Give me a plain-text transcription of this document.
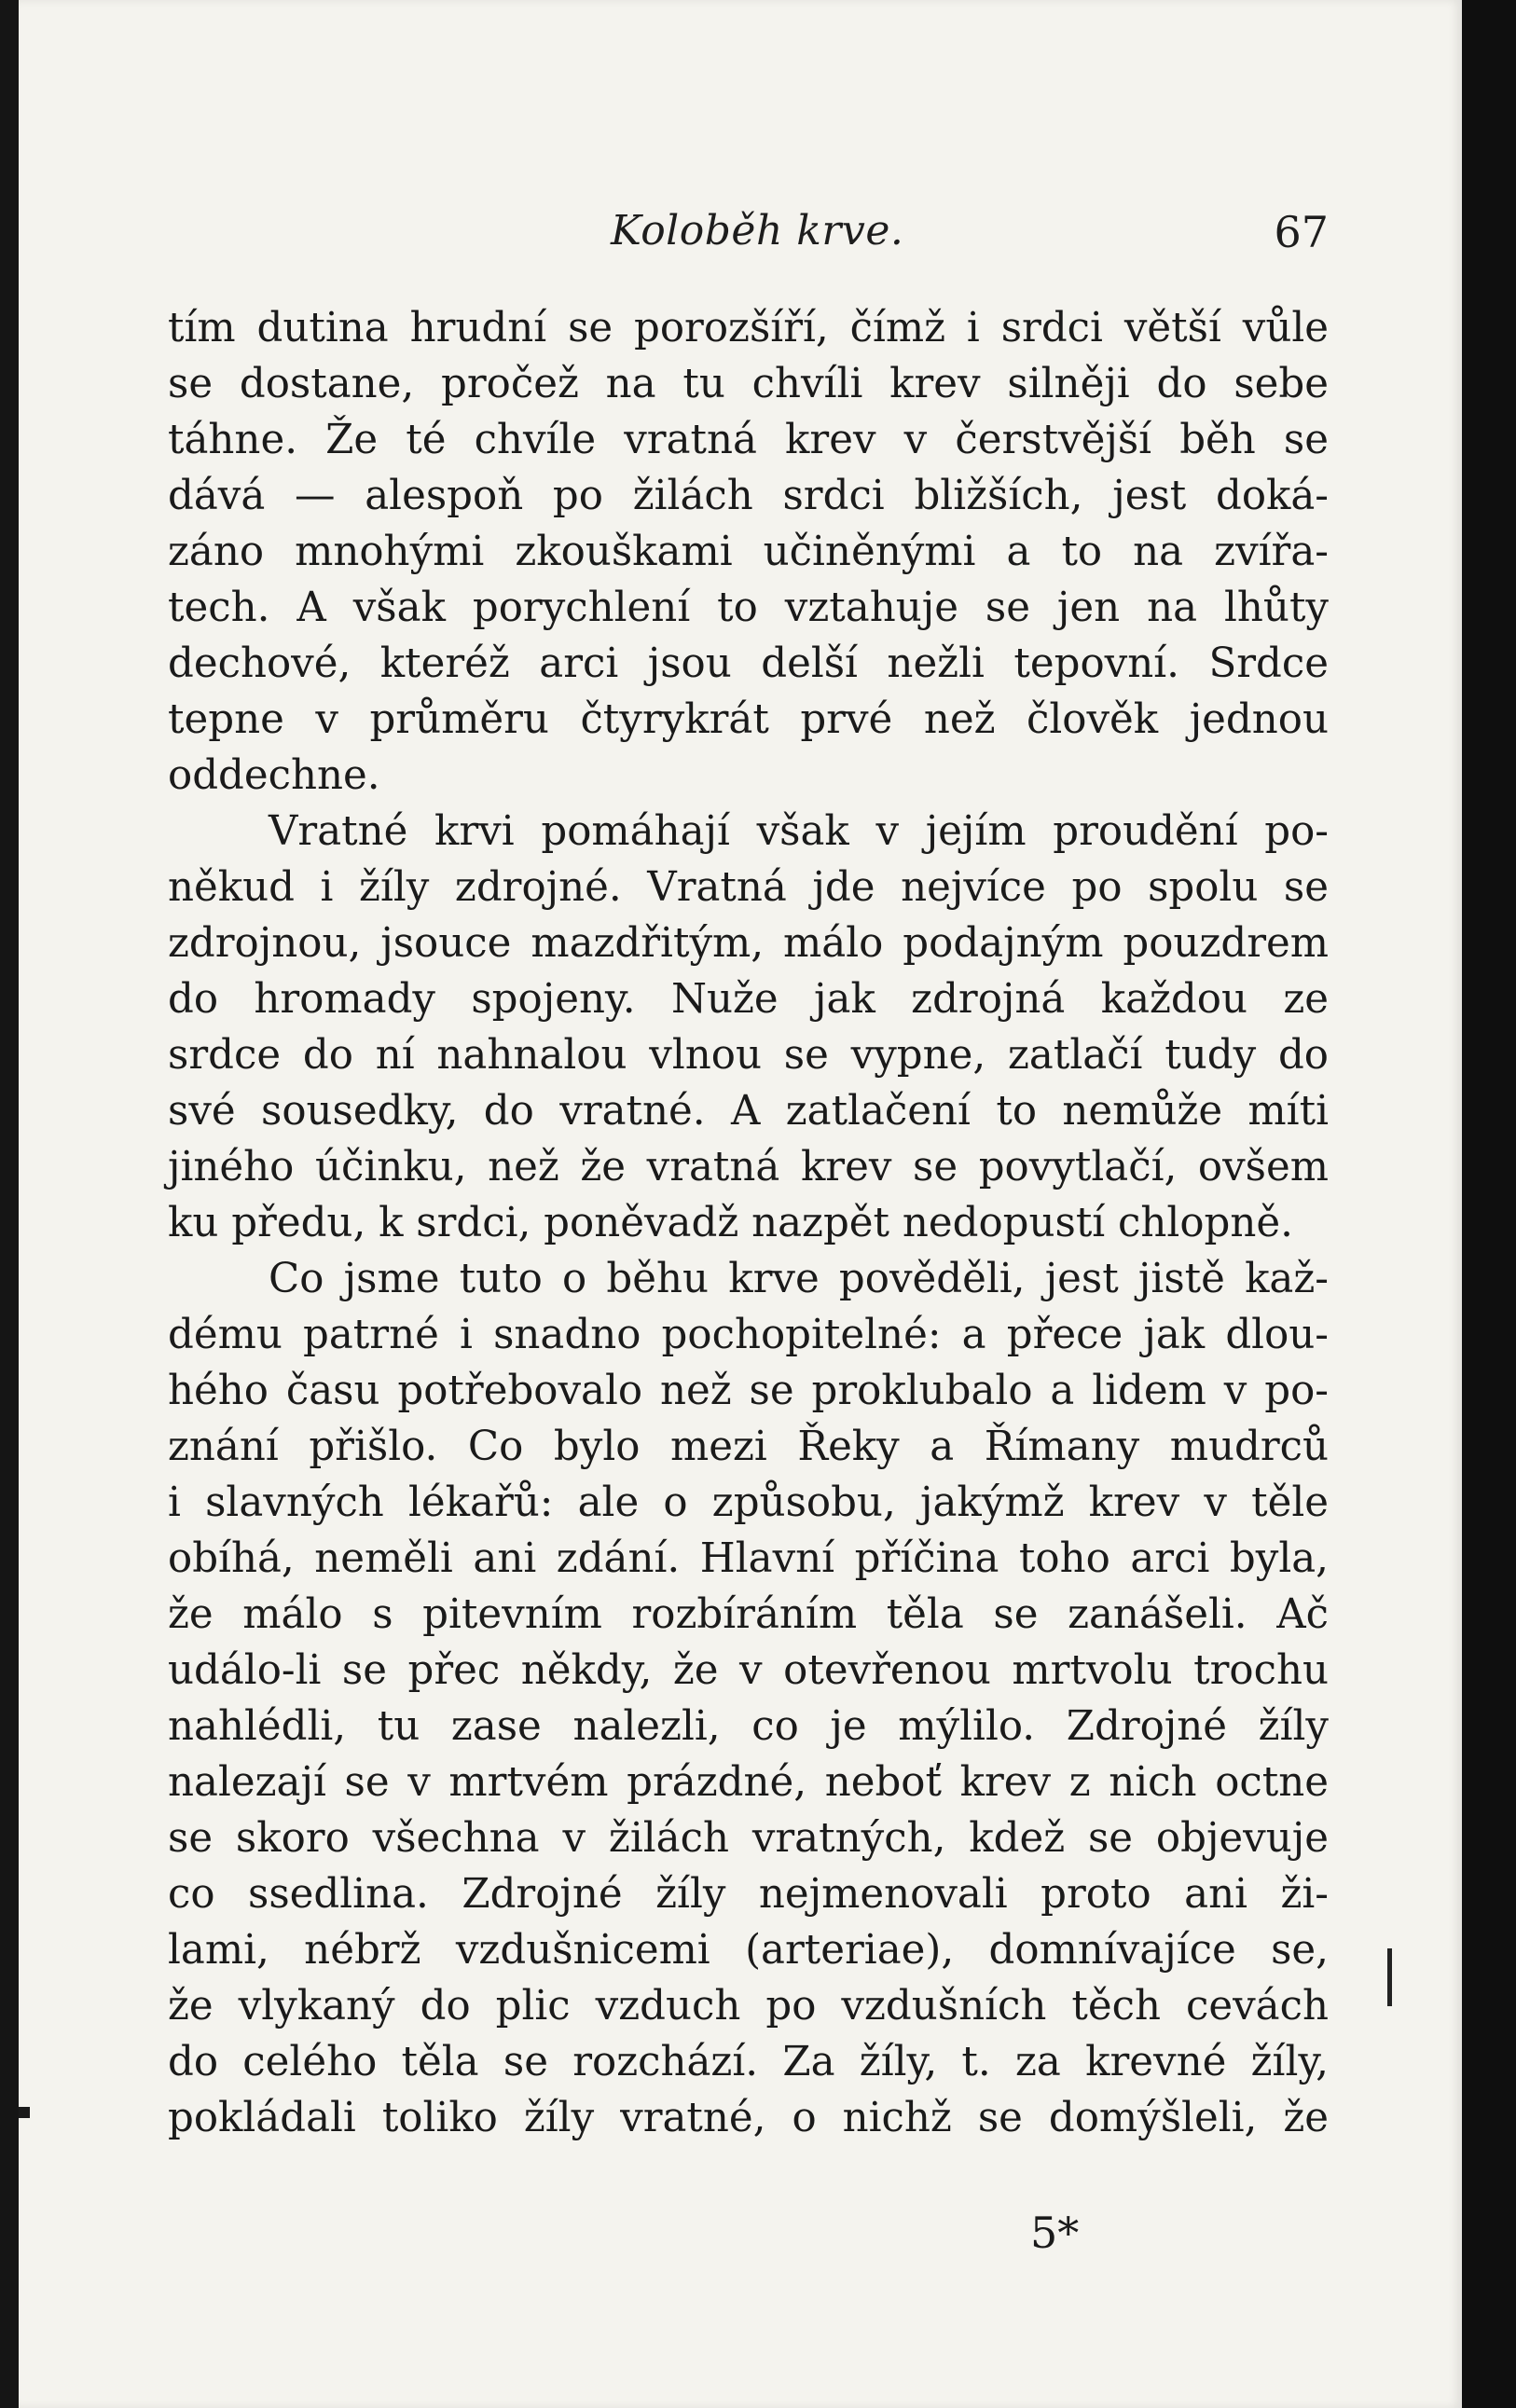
Koloběh krve.	67
tím dutina hrudní se porozšíří, čímž i srdci větší vůle
se dostane, pročež na tu chvíli krev silněji do sebe
táhne. Že té chvíle vratná krev v čerstvější běh se
dává — alespoň po žilách srdci bližších, jest doká-
záno mnohými zkouškami učiněnými a to na zvířa-
tech. A však porychlení to vztahuje se jen na lhůty
dechové, kteréž arci jsou delší nežli tepovní. Srdce
tepne v průměru čtyrykrát prvé než člověk jednou
oddechne.
Vratné krvi pomáhají však v jejím proudění po-
někud i žíly zdrojné. Vratná jde nejvíce po spolu se
zdrojnou, jsouce mazdřitým, málo podajným pouzdrem
do hromady spojeny. Nuže jak zdrojná každou ze
srdce do ní nahnalou vlnou se vypne, zatlačí tudy do
své sousedky, do vratné. A zatlačení to nemůže míti
jiného účinku, než že vratná krev se povytlačí, ovšem
ku předu, k srdci, poněvadž nazpět nedopustí chlopně.
Co jsme tuto o běhu krve pověděli, jest jistě kaž-
dému patrné i snadno pochopitelné: a přece jak dlou-
hého času potřebovalo než se proklubalo a lidem v po-
znání přišlo. Co bylo mezi Řeky a Římany mudrců
i slavných lékařů: ale o způsobu, jakýmž krev v těle
obíhá, neměli ani zdání. Hlavní příčina toho arci byla,
že málo s pitevním rozbíráním těla se zanášeli. Ač
událo-li se přec někdy, že v otevřenou mrtvolu trochu
nahlédli, tu zase nalezli, co je mýlilo. Zdrojné žíly
nalezají se v mrtvém prázdné, neboť krev z nich octne
se skoro všechna v žilách vratných, kdež se objevuje
co ssedlina. Zdrojné žíly nejmenovali proto ani ži-
lami, nébrž vzdušnicemi (arteriae), domnívajíce se,
že vlykaný do plic vzduch po vzdušních těch cevách
do celého těla se rozchází. Za žíly, t. za krevné žíly,
pokládali toliko žíly vratné, o nichž se domýšleli, že
5*
